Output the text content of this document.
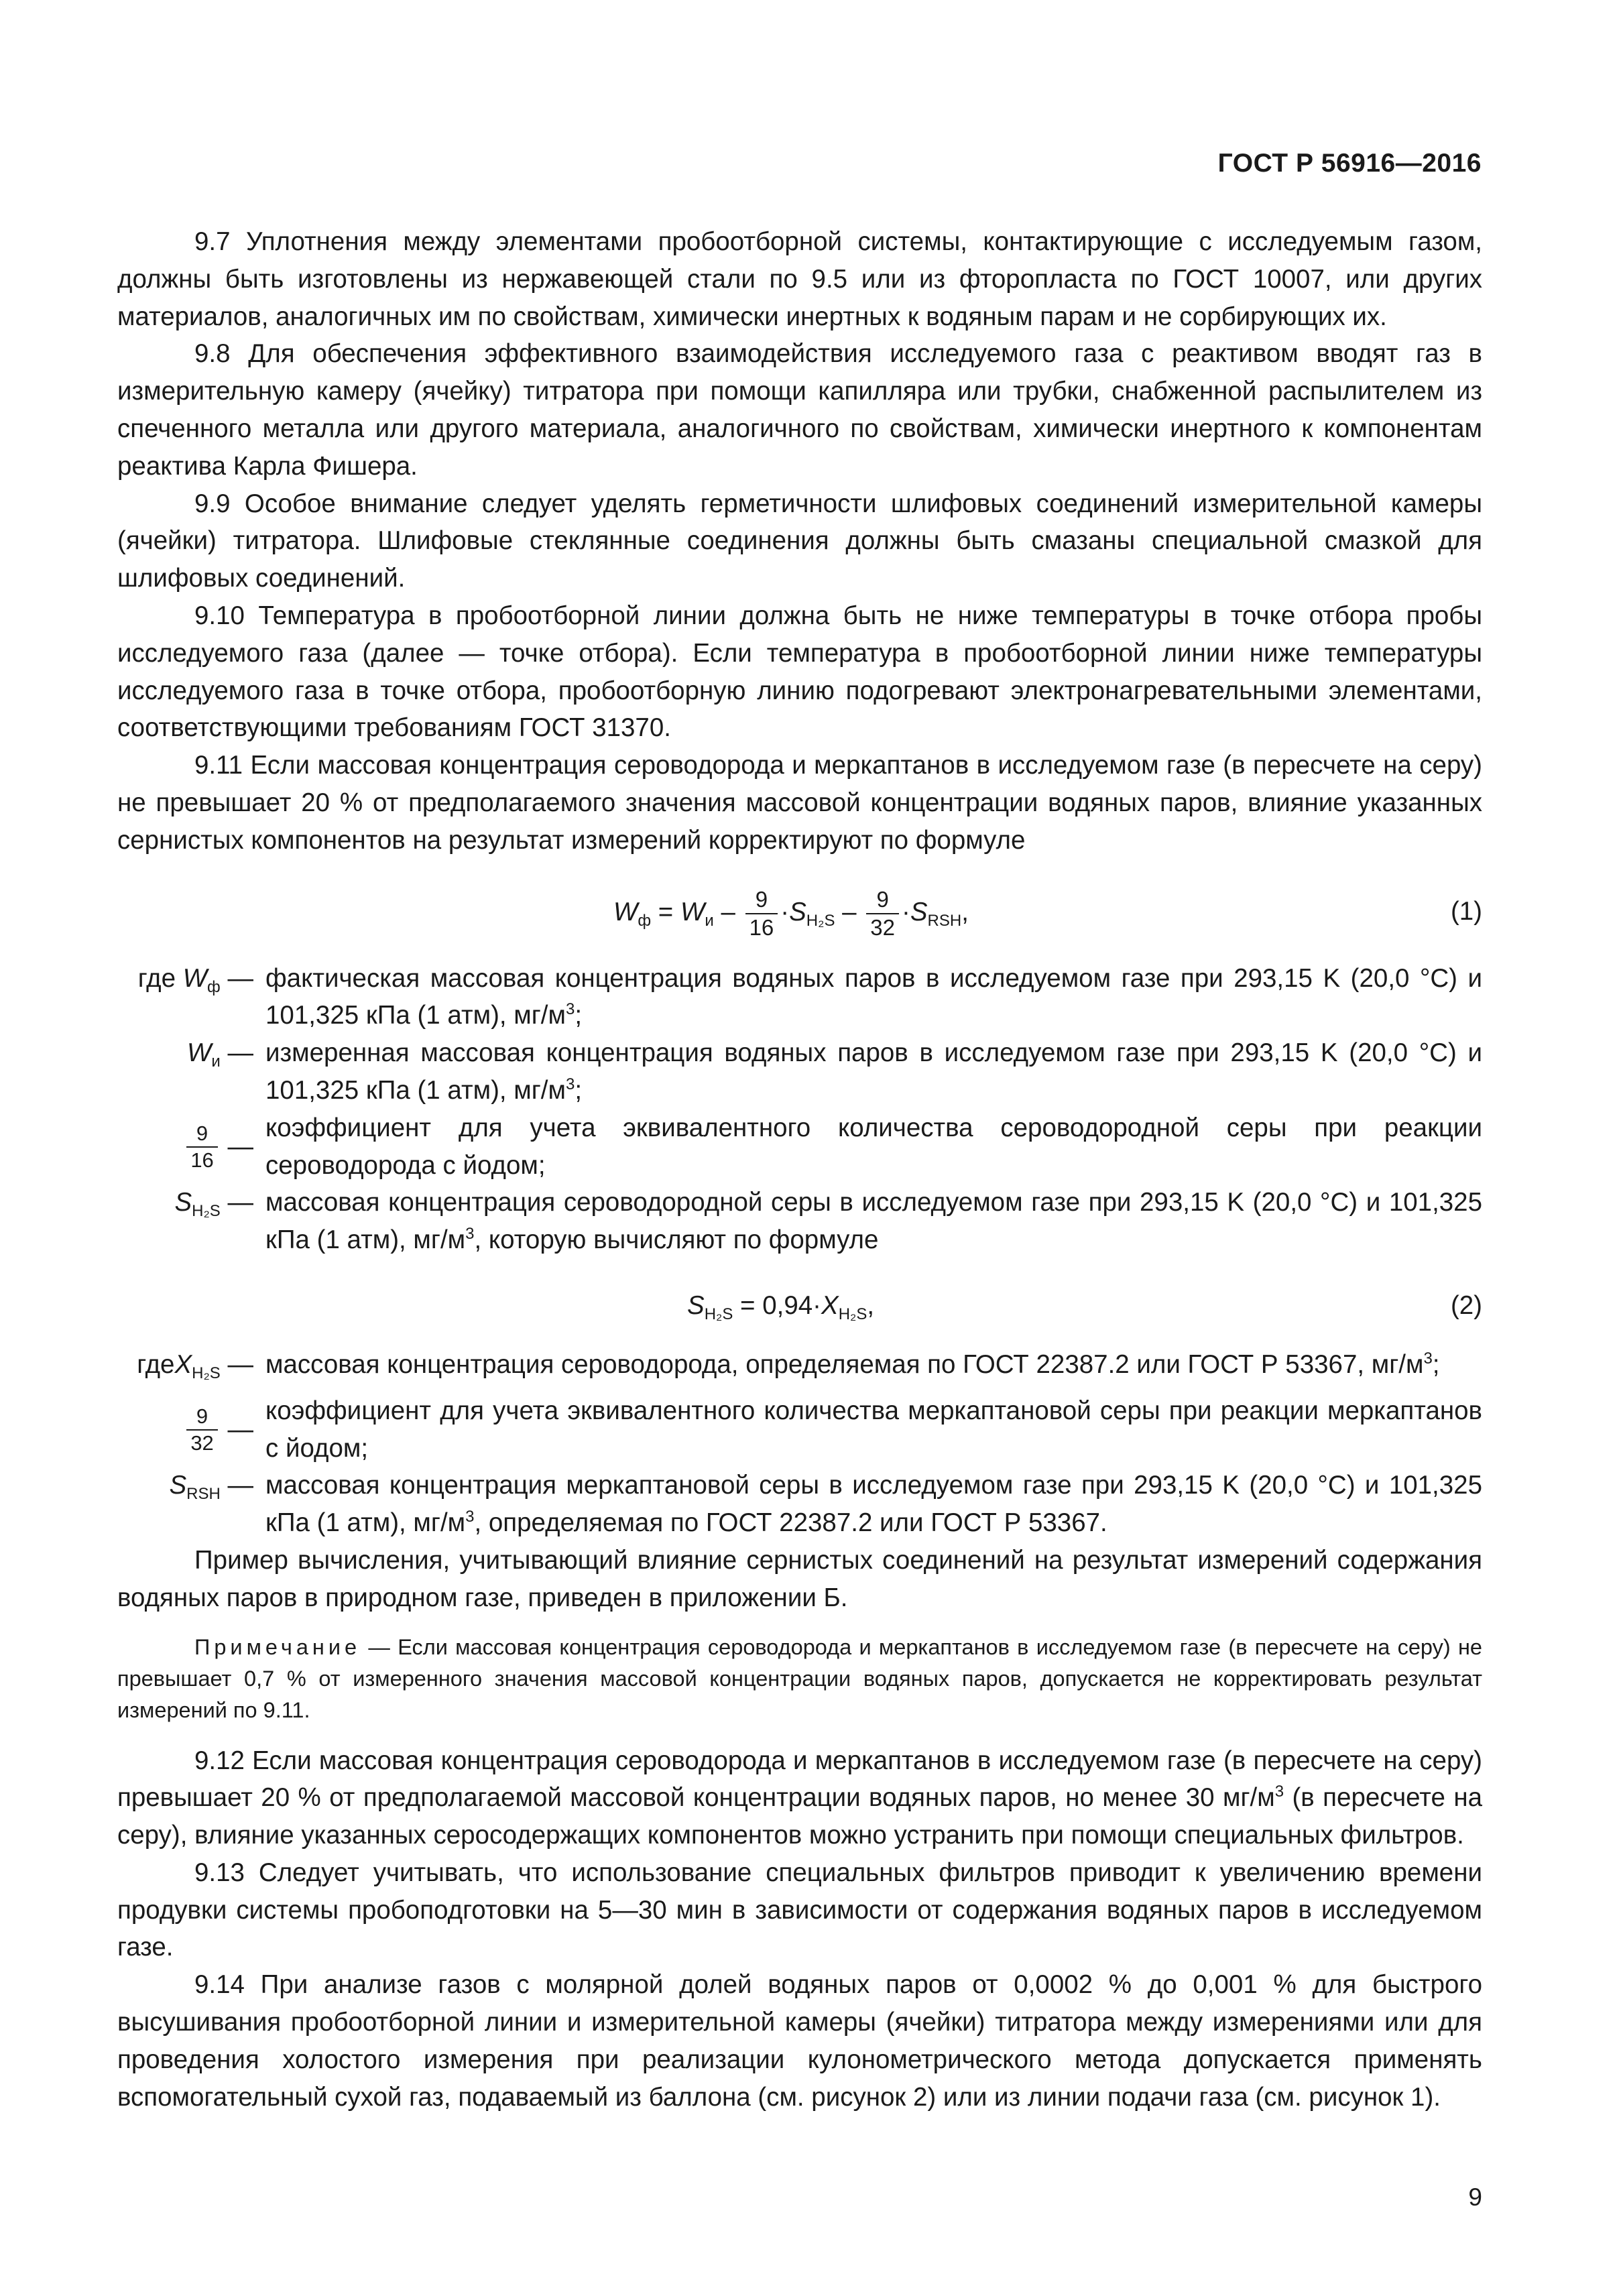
ГОСТ Р 56916—2016

9.7 Уплотнения между элементами пробоотборной системы, контактирующие с исследуемым газом, должны быть изготовлены из нержавеющей стали по 9.5 или из фторопласта по ГОСТ 10007, или других материалов, аналогичных им по свойствам, химически инертных к водяным парам и не сорбирующих их.

9.8 Для обеспечения эффективного взаимодействия исследуемого газа с реактивом вводят газ в измерительную камеру (ячейку) титратора при помощи капилляра или трубки, снабженной распылителем из спеченного металла или другого материала, аналогичного по свойствам, химически инертного к компонентам реактива Карла Фишера.

9.9 Особое внимание следует уделять герметичности шлифовых соединений измерительной камеры (ячейки) титратора. Шлифовые стеклянные соединения должны быть смазаны специальной смазкой для шлифовых соединений.

9.10 Температура в пробоотборной линии должна быть не ниже температуры в точке отбора пробы исследуемого газа (далее — точке отбора). Если температура в пробоотборной линии ниже температуры исследуемого газа в точке отбора, пробоотборную линию подогревают электронагревательными элементами, соответствующими требованиям ГОСТ 31370.

9.11 Если массовая концентрация сероводорода и меркаптанов в исследуемом газе (в пересчете на серу) не превышает 20 % от предполагаемого значения массовой концентрации водяных паров, влияние указанных сернистых компонентов на результат измерений корректируют по формуле

$W_ф = W_и - \frac{9}{16} \cdot S_{H_2S} - \frac{9}{32} \cdot S_{RSH}$,	(1)
где $W_ф$ — фактическая массовая концентрация водяных паров в исследуемом газе при 293,15 K (20,0 °C) и 101,325 кПа (1 атм), $мг/м^3$;
$W_и$ — измеренная массовая концентрация водяных паров в исследуемом газе при 293,15 K (20,0 °C) и 101,325 кПа (1 атм), $мг/м^3$;
$\frac{9}{16}$
—
коэффициент для учета эквивалентного количества сероводородной серы при реакции сероводорода с йодом;
$S_{H_2S}$ — массовая концентрация сероводородной серы в исследуемом газе при 293,15 K (20,0 °C) и 101,325 кПа (1 атм), $мг/м^3$, которую вычисляют по формуле
$S_{H_2S} = 0,94\cdot X_{H_2S}$,	(2)
гдеX$_{H_2S}$ — массовая концентрация сероводорода, определяемая по ГОСТ 22387.2 или ГОСТ Р 53367, $мг/м^3$;
$\frac{9}{32}$
—
коэффициент для учета эквивалентного количества меркаптановой серы при реакции меркаптанов с йодом;
$S_{RSH}$ — массовая концентрация меркаптановой серы в исследуемом газе при 293,15 K (20,0 °C) и 101,325 кПа (1 атм), $мг/м^3$, определяемая по ГОСТ 22387.2 или ГОСТ Р 53367.

Пример вычисления, учитывающий влияние сернистых соединений на результат измерений содержания водяных паров в природном газе, приведен в приложении Б.

Примечание — Если массовая концентрация сероводорода и меркаптанов в исследуемом газе (в пересчете на серу) не превышает 0,7 % от измеренного значения массовой концентрации водяных паров, допускается не корректировать результат измерений по 9.11.

9.12 Если массовая концентрация сероводорода и меркаптанов в исследуемом газе (в пересчете на серу) превышает 20 % от предполагаемой массовой концентрации водяных паров, но менее 30 $мг/м^3$ (в пересчете на серу), влияние указанных серосодержащих компонентов можно устранить при помощи специальных фильтров.

9.13 Следует учитывать, что использование специальных фильтров приводит к увеличению времени продувки системы пробоподготовки на 5—30 мин в зависимости от содержания водяных паров в исследуемом газе.

9.14 При анализе газов с молярной долей водяных паров от 0,0002 % до 0,001 % для быстрого высушивания пробоотборной линии и измерительной камеры (ячейки) титратора между измерениями или для проведения холостого измерения при реализации кулонометрического метода допускается применять вспомогательный сухой газ, подаваемый из баллона (см. рисунок 2) или из линии подачи газа (см. рисунок 1).

9
